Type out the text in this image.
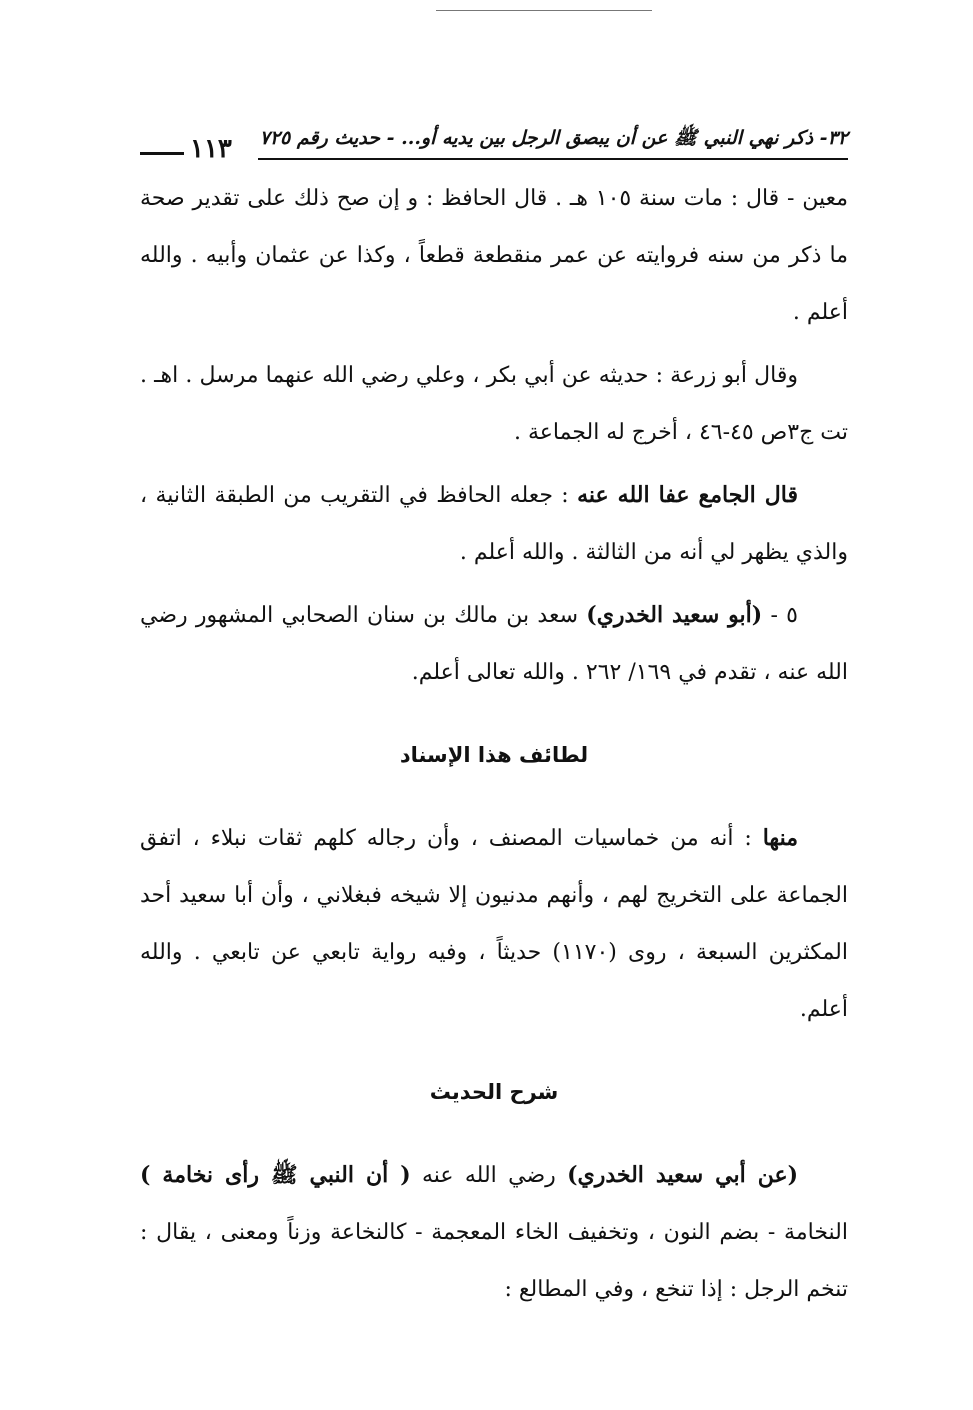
٣٢- ذكر نهي النبي ﷺ عن أن يبصق الرجل بين يديه أو... - حديث رقم ٧٢٥
١١٣

معين - قال : مات سنة ١٠٥ هـ . قال الحافظ : و إن صح ذلك على تقدير صحة ما ذكر من سنه فروايته عن عمر منقطعة قطعاً ، وكذا عن عثمان وأبيه . والله أعلم .

وقال أبو زرعة : حديثه عن أبي بكر ، وعلي رضي الله عنهما مرسل . اهـ . تت ج٣ص ٤٥-٤٦ ، أخرج له الجماعة .

قال الجامع عفا الله عنه : جعله الحافظ في التقريب من الطبقة الثانية ، والذي يظهر لي أنه من الثالثة . والله أعلم .

٥ - (أبو سعيد الخدري) سعد بن مالك بن سنان الصحابي المشهور رضي الله عنه ، تقدم في ١٦٩/ ٢٦٢ . والله تعالى أعلم.

لطائف هذا الإسناد

منها : أنه من خماسيات المصنف ، وأن رجاله كلهم ثقات نبلاء ، اتفق الجماعة على التخريج لهم ، وأنهم مدنيون إلا شيخه فبغلاني ، وأن أبا سعيد أحد المكثرين السبعة ، روى (١١٧٠) حديثاً ، وفيه رواية تابعي عن تابعي . والله أعلم.

شرح الحديث

(عن أبي سعيد الخدري) رضي الله عنه ( أن النبي ﷺ رأى نخامة ) النخامة - بضم النون ، وتخفيف الخاء المعجمة - كالنخاعة وزناً ومعنى ، يقال : تنخم الرجل : إذا تنخع ، وفي المطالع :
